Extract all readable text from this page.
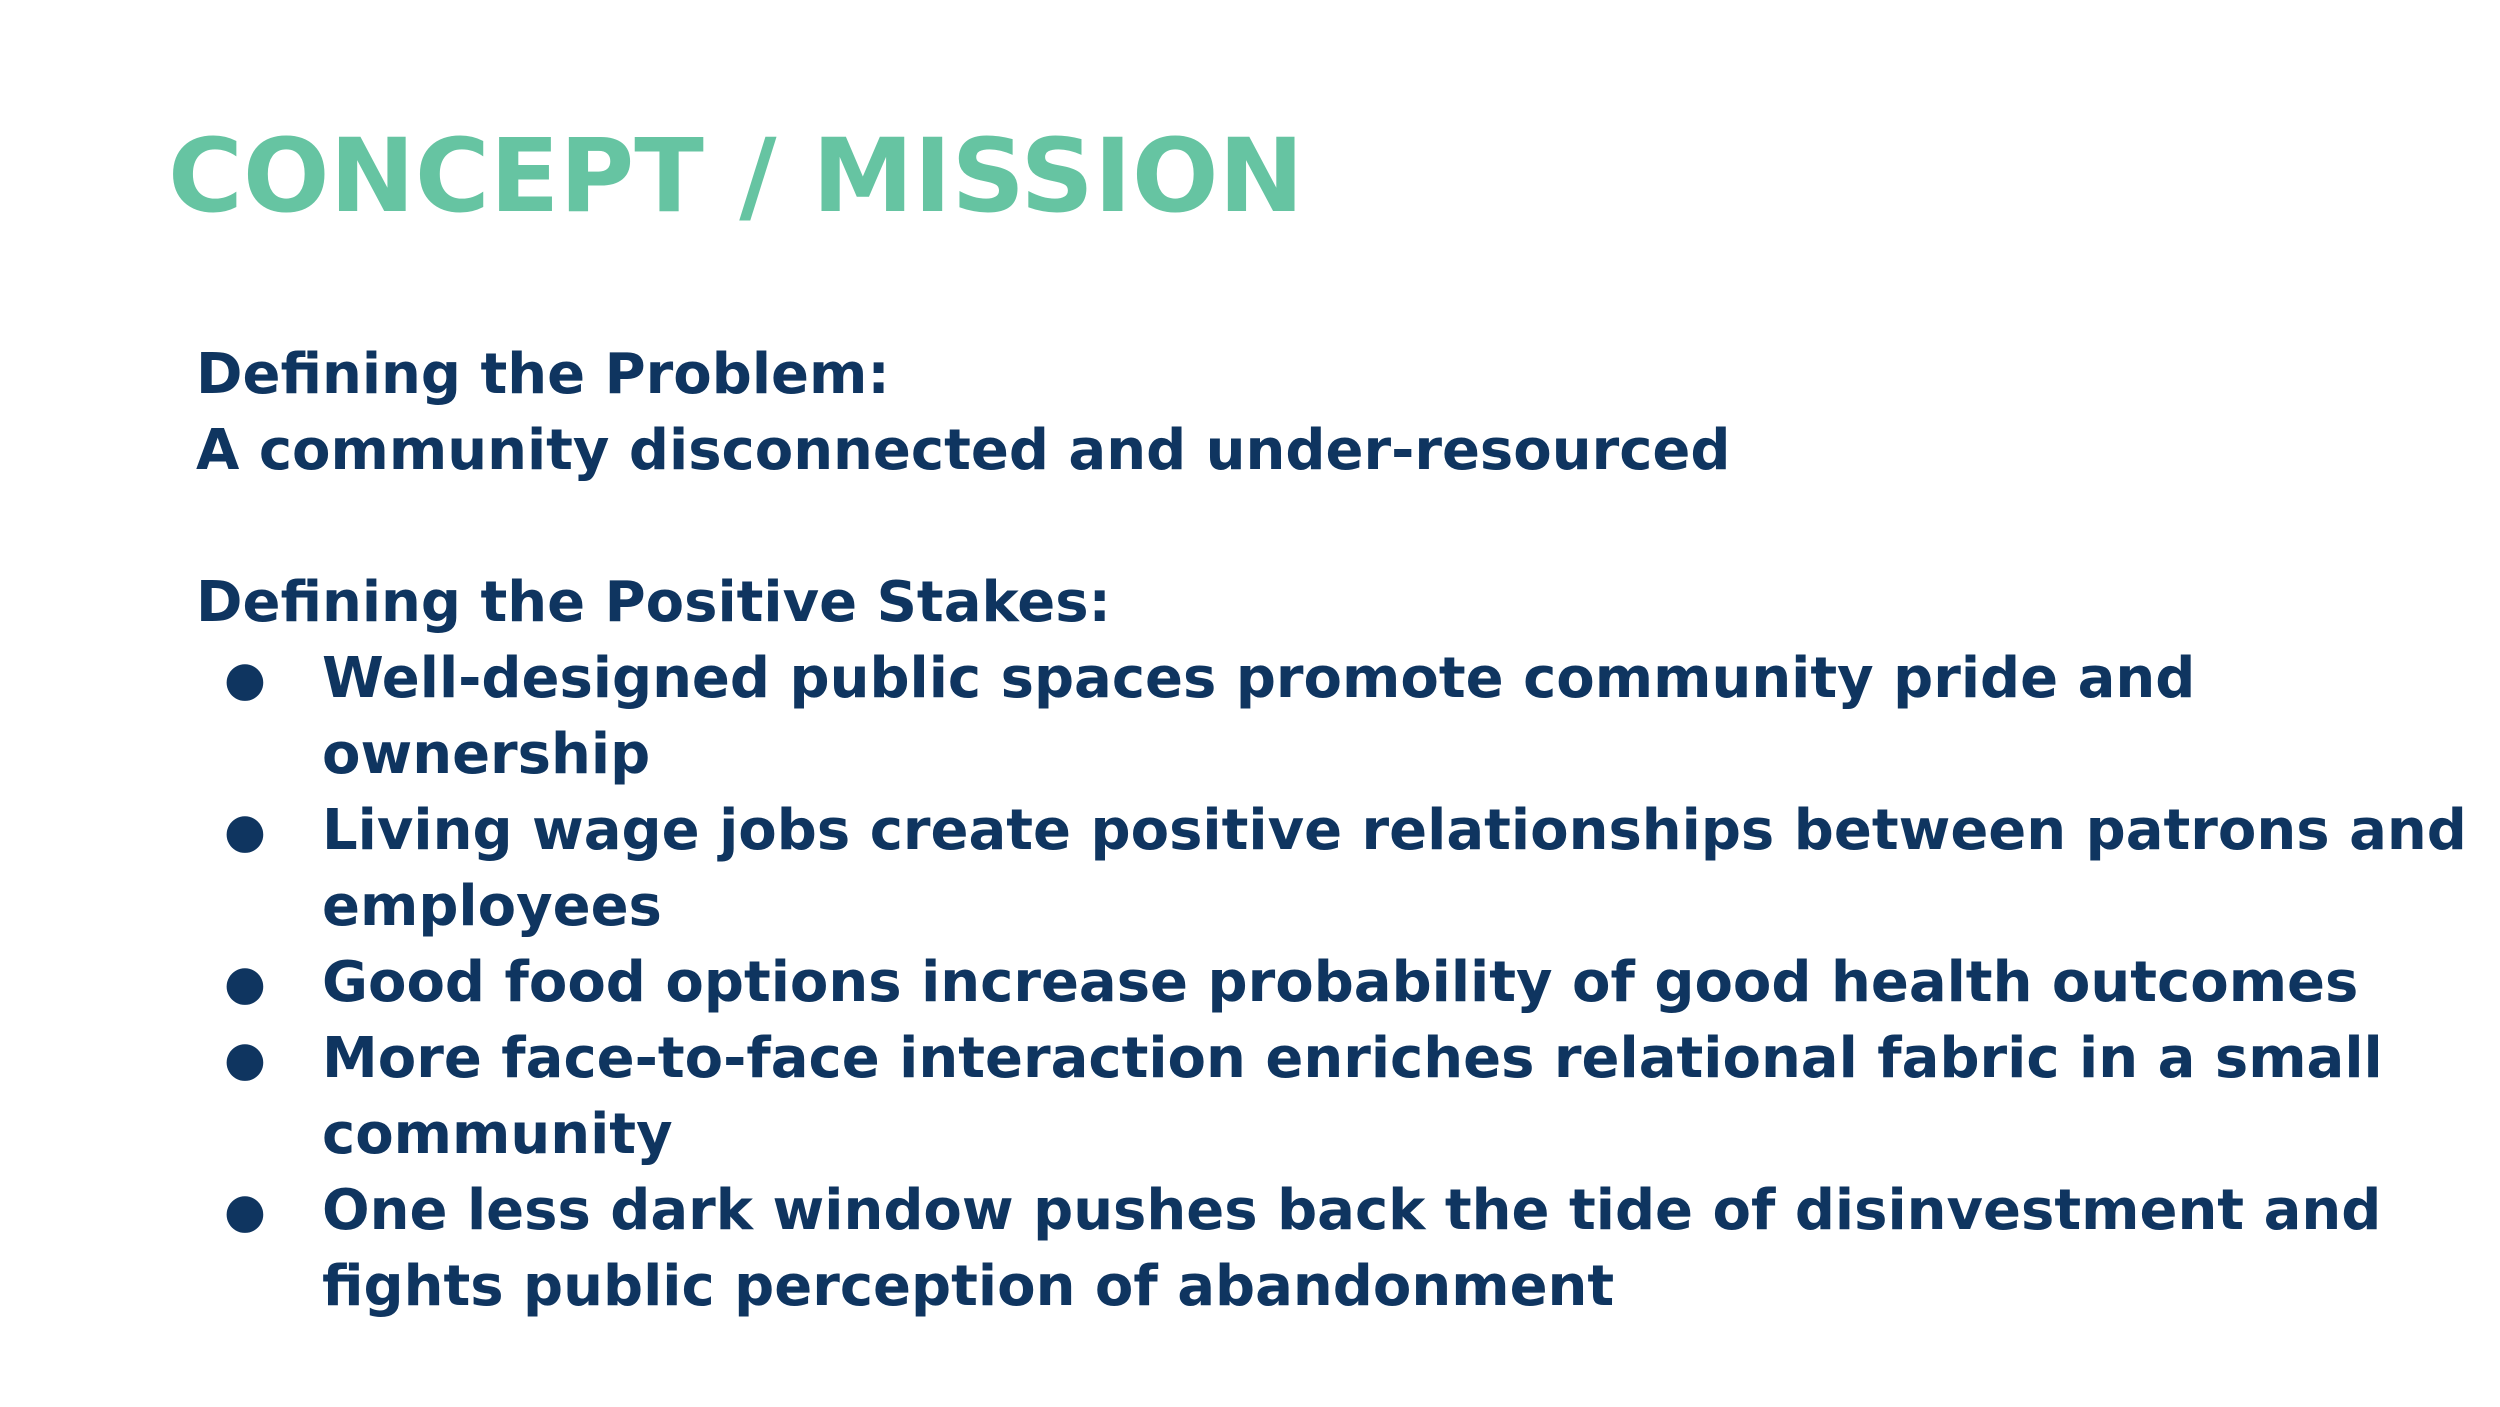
CONCEPT / MISSION

Defining the Problem:

A community disconnected and under-resourced

Defining the Positive Stakes:

● Well-designed public spaces promote community pride and ownership
● Living wage jobs create positive relationships between patrons and employees
● Good food options increase probability of good health outcomes
● More face-to-face interaction enriches relational fabric in a small community
● One less dark window pushes back the tide of disinvestment and fights public perception of abandonment
